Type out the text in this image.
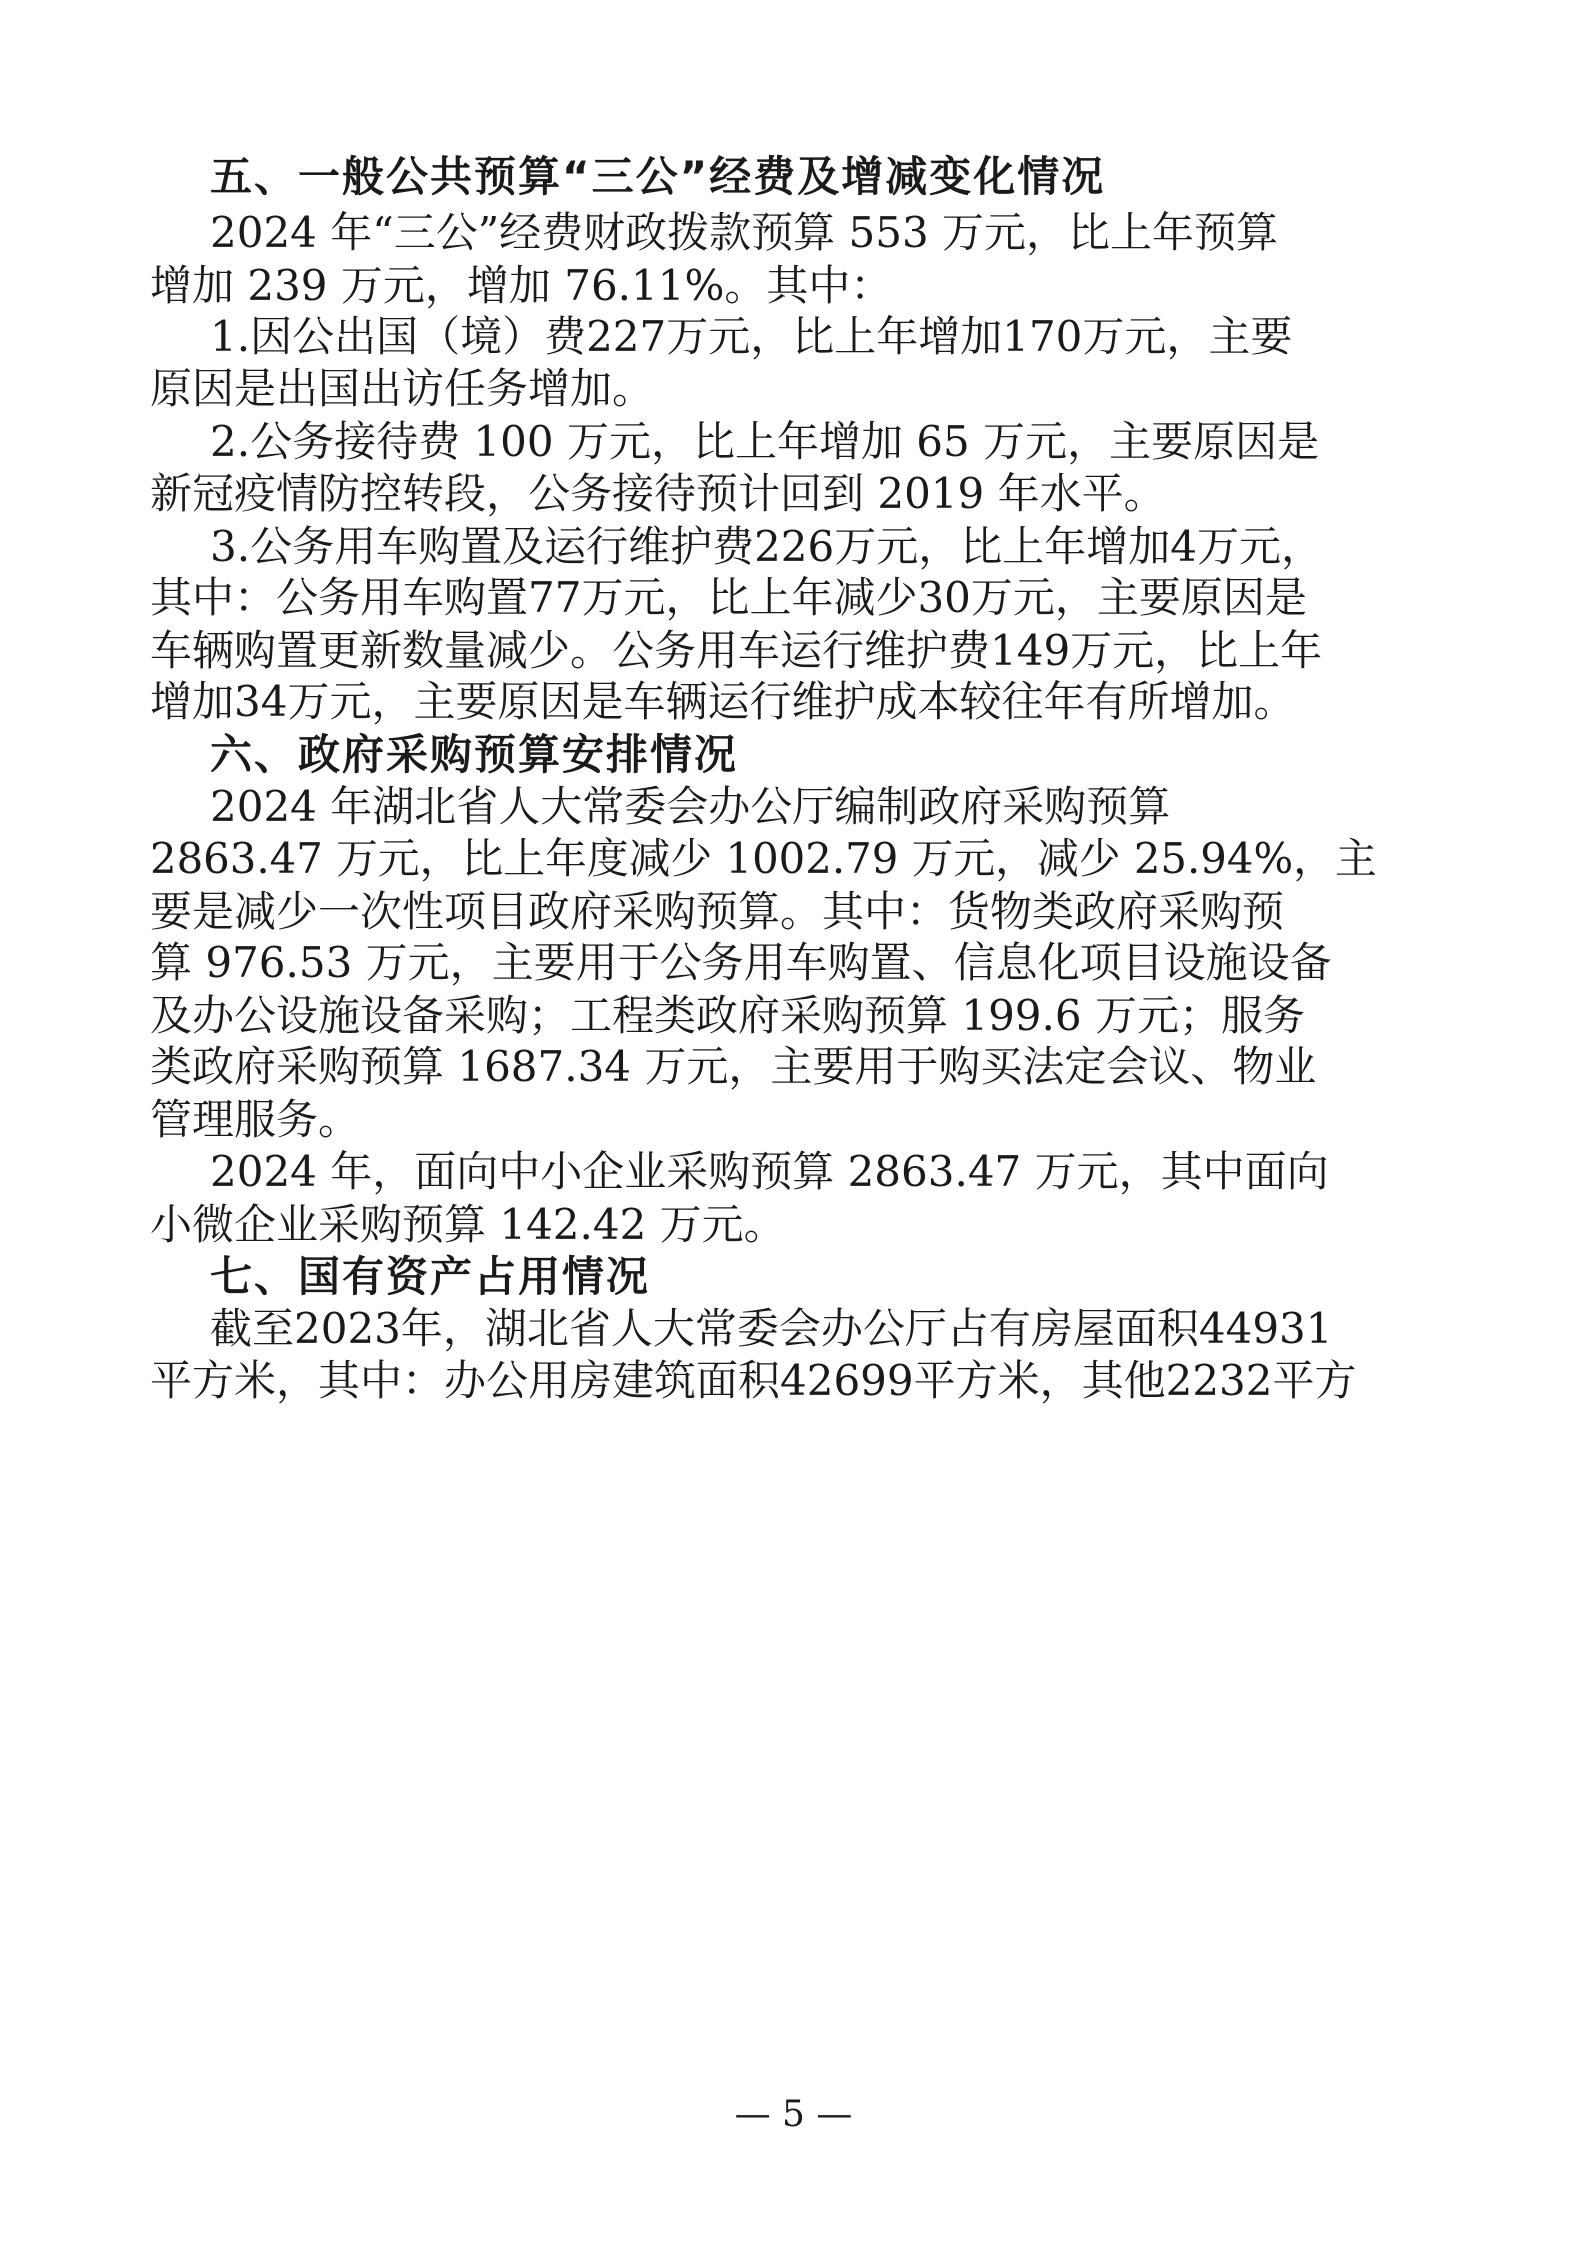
五、一般公共预算“三公”经费及增减变化情况
2024 年“三公”经费财政拨款预算 553 万元，比上年预算
增加 239 万元，增加 76.11%。其中：
1.因公出国（境）费227万元，比上年增加170万元，主要
原因是出国出访任务增加。
2.公务接待费 100 万元，比上年增加 65 万元，主要原因是
新冠疫情防控转段，公务接待预计回到 2019 年水平。
3.公务用车购置及运行维护费226万元，比上年增加4万元，
其中：公务用车购置77万元，比上年减少30万元，主要原因是
车辆购置更新数量减少。公务用车运行维护费149万元，比上年
增加34万元，主要原因是车辆运行维护成本较往年有所增加。
六、政府采购预算安排情况
2024 年湖北省人大常委会办公厅编制政府采购预算
2863.47 万元，比上年度减少 1002.79 万元，减少 25.94%，主
要是减少一次性项目政府采购预算。其中：货物类政府采购预
算 976.53 万元，主要用于公务用车购置、信息化项目设施设备
及办公设施设备采购；工程类政府采购预算 199.6 万元；服务
类政府采购预算 1687.34 万元，主要用于购买法定会议、物业
管理服务。
2024 年，面向中小企业采购预算 2863.47 万元，其中面向
小微企业采购预算 142.42 万元。
七、国有资产占用情况
截至2023年，湖北省人大常委会办公厅占有房屋面积44931
平方米，其中：办公用房建筑面积42699平方米，其他2232平方
— 5 —
